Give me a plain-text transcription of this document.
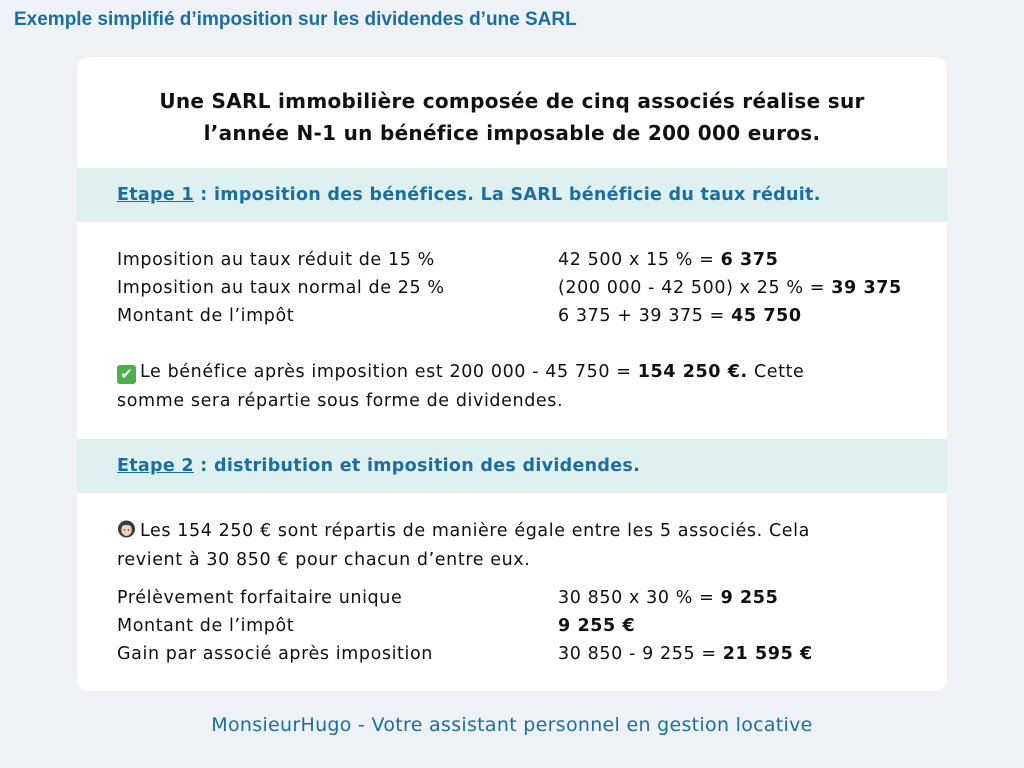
Exemple simplifié d’imposition sur les dividendes d’une SARL
Une SARL immobilière composée de cinq associés réalise sur
l’année N-1 un bénéfice imposable de 200 000 euros.
Etape 1 : imposition des bénéfices. La SARL bénéficie du taux réduit.
Imposition au taux réduit de 15 %	42 500 x 15 % = 6 375
Imposition au taux normal de 25 %	(200 000 - 42 500) x 25 % = 39 375
Montant de l’impôt	6 375 + 39 375 = 45 750
✔ Le bénéfice après imposition est 200 000 - 45 750 = 154 250 €. Cette
somme sera répartie sous forme de dividendes.
Etape 2 : distribution et imposition des dividendes.
Les 154 250 € sont répartis de manière égale entre les 5 associés. Cela
revient à 30 850 € pour chacun d’entre eux.
Prélèvement forfaitaire unique	30 850 x 30 % = 9 255
Montant de l’impôt	9 255 €
Gain par associé après imposition	30 850 - 9 255 = 21 595 €
MonsieurHugo - Votre assistant personnel en gestion locative
